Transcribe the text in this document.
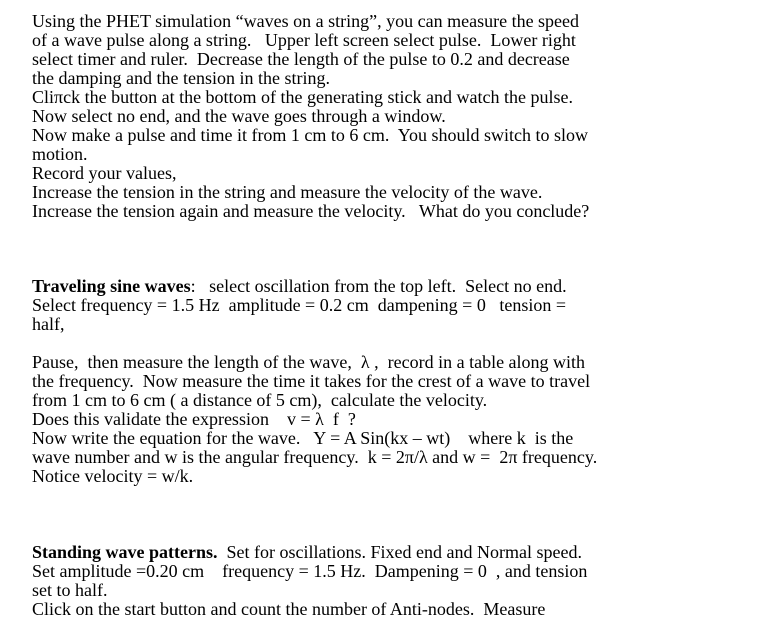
Using the PHET simulation “waves on a string”, you can measure the speed
of a wave pulse along a string.   Upper left screen select pulse.  Lower right
select timer and ruler.  Decrease the length of the pulse to 0.2 and decrease
the damping and the tension in the string.
Cliπck the button at the bottom of the generating stick and watch the pulse.
Now select no end, and the wave goes through a window.
Now make a pulse and time it from 1 cm to 6 cm.  You should switch to slow
motion.
Record your values,
Increase the tension in the string and measure the velocity of the wave.
Increase the tension again and measure the velocity.   What do you conclude?
Traveling sine waves:   select oscillation from the top left.  Select no end.
Select frequency = 1.5 Hz  amplitude = 0.2 cm  dampening = 0   tension =
half,
Pause,  then measure the length of the wave,  λ ,  record in a table along with
the frequency.  Now measure the time it takes for the crest of a wave to travel
from 1 cm to 6 cm ( a distance of 5 cm),  calculate the velocity.
Does this validate the expression    v = λ  f  ?
Now write the equation for the wave.   Y = A Sin(kx – wt)    where k  is the
wave number and w is the angular frequency.  k = 2π/λ and w =  2π frequency.
Notice velocity = w/k.
Standing wave patterns.  Set for oscillations. Fixed end and Normal speed.
Set amplitude =0.20 cm    frequency = 1.5 Hz.  Dampening = 0  , and tension
set to half.
Click on the start button and count the number of Anti-nodes.  Measure
